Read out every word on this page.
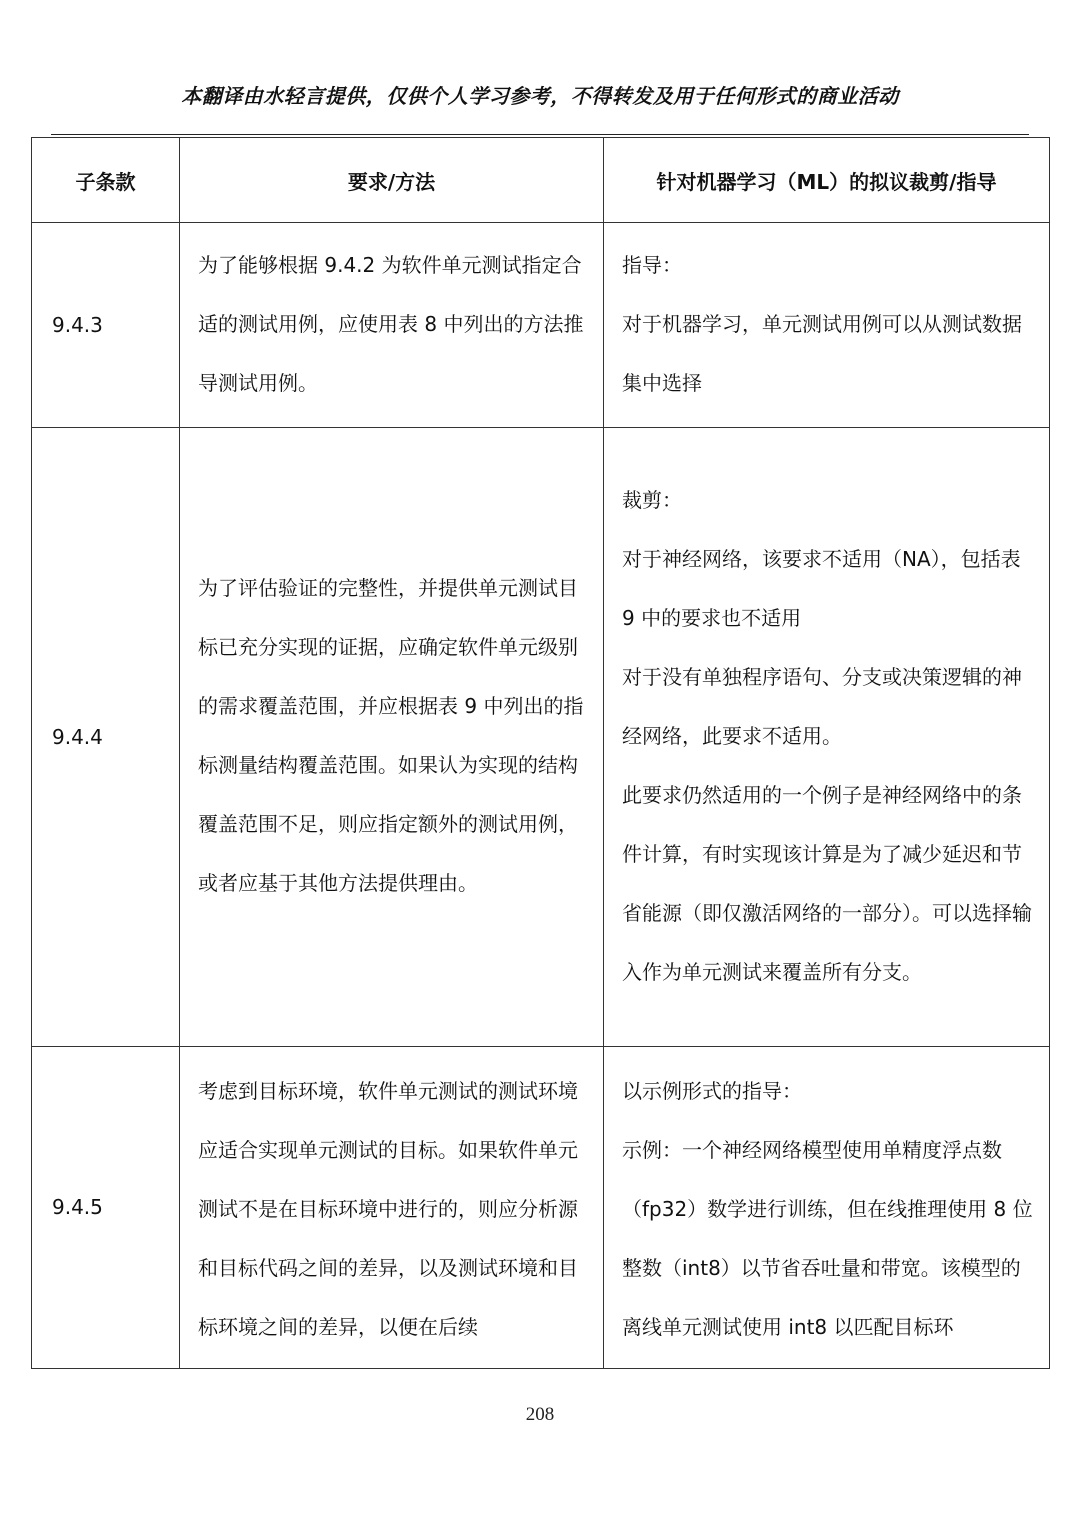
本翻译由水轻言提供，仅供个人学习参考，不得转发及用于任何形式的商业活动
子条款	要求/方法	针对机器学习（ML）的拟议裁剪/指导
9.4.3	为了能够根据 9.4.2 为软件单元测试指定合适的测试用例，应使用表 8 中列出的方法推导测试用例。	指导：

对于机器学习，单元测试用例可以从测试数据集中选择

9.4.4	为了评估验证的完整性，并提供单元测试目标已充分实现的证据，应确定软件单元级别的需求覆盖范围，并应根据表 9 中列出的指标测量结构覆盖范围。如果认为实现的结构覆盖范围不足，则应指定额外的测试用例，或者应基于其他方法提供理由。	裁剪：

对于神经网络，该要求不适用（NA），包括表 9 中的要求也不适用

对于没有单独程序语句、分支或决策逻辑的神经网络，此要求不适用。

此要求仍然适用的一个例子是神经网络中的条件计算，有时实现该计算是为了减少延迟和节省能源（即仅激活网络的一部分）。可以选择输入作为单元测试来覆盖所有分支。

9.4.5	考虑到目标环境，软件单元测试的测试环境应适合实现单元测试的目标。如果软件单元测试不是在目标环境中进行的，则应分析源和目标代码之间的差异，以及测试环境和目标环境之间的差异，以便在后续	以示例形式的指导：

示例：一个神经网络模型使用单精度浮点数（fp32）数学进行训练，但在线推理使用 8 位整数（int8）以节省吞吐量和带宽。该模型的离线单元测试使用 int8 以匹配目标环

208
